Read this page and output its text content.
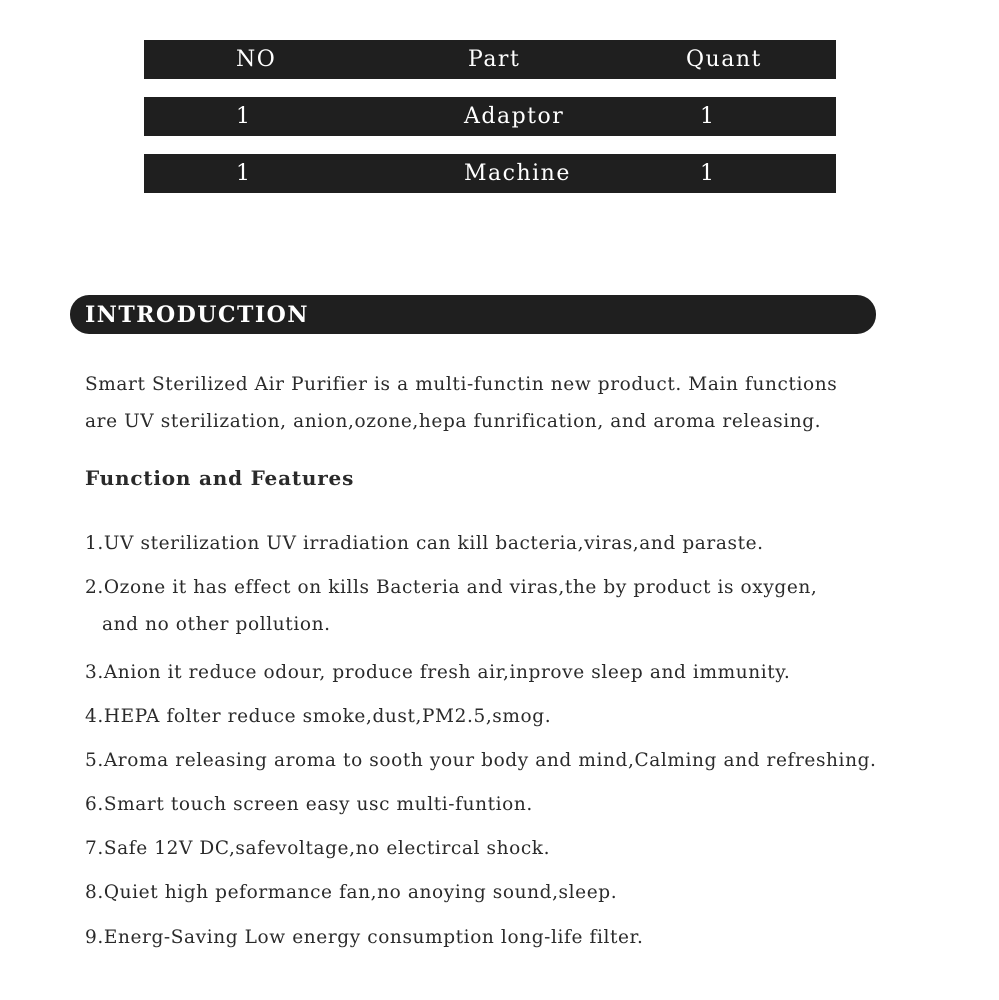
NO	Part	Quant
1	Adaptor	1
1	Machine	1
INTRODUCTION

Smart Sterilized Air Purifier is a multi-functin new product. Main functions
are UV sterilization, anion,ozone,hepa funrification, and aroma releasing.

Function and Features
1.UV sterilization UV irradiation can kill bacteria,viras,and paraste.
2.Ozone it has effect on kills Bacteria and viras,the by product is oxygen,
and no other pollution.
3.Anion it reduce odour, produce fresh air,inprove sleep and immunity.
4.HEPA folter reduce smoke,dust,PM2.5,smog.
5.Aroma releasing aroma to sooth your body and mind,Calming and refreshing.
6.Smart touch screen easy usc multi-funtion.
7.Safe 12V DC,safevoltage,no electircal shock.
8.Quiet high peformance fan,no anoying sound,sleep.
9.Energ-Saving Low energy consumption long-life filter.
